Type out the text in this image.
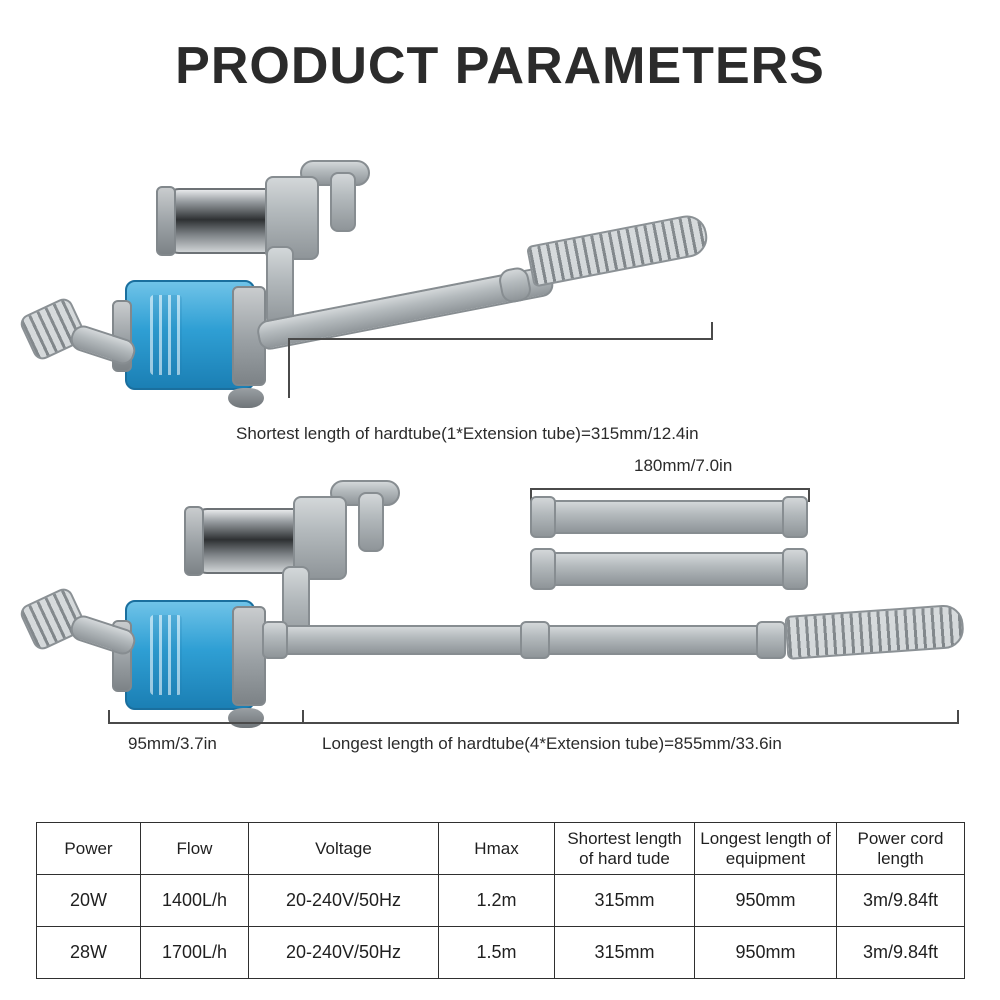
PRODUCT PARAMETERS
Shortest length of hardtube(1*Extension tube)=315mm/12.4in
180mm/7.0in
95mm/3.7in	Longest length of hardtube(4*Extension tube)=855mm/33.6in
Power	Flow	Voltage	Hmax	Shortest length of hard tude	Longest length of equipment	Power cord length
20W	1400L/h	20-240V/50Hz	1.2m	315mm	950mm	3m/9.84ft
28W	1700L/h	20-240V/50Hz	1.5m	315mm	950mm	3m/9.84ft
